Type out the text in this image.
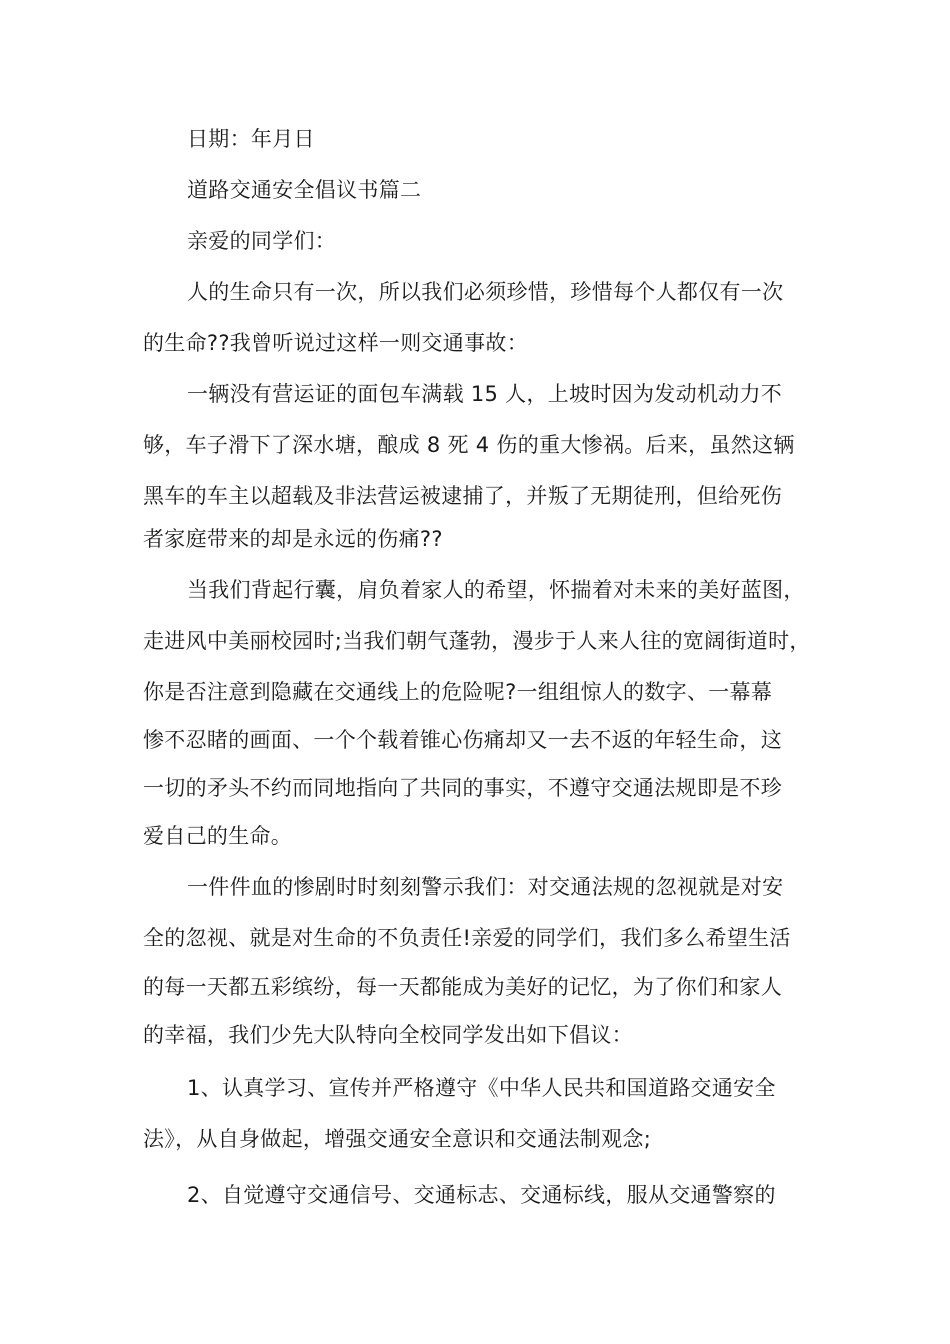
日期：年月日
道路交通安全倡议书篇二
亲爱的同学们：
人的生命只有一次，所以我们必须珍惜，珍惜每个人都仅有一次
的生命??我曾听说过这样一则交通事故：
一辆没有营运证的面包车满载 15 人，上坡时因为发动机动力不
够，车子滑下了深水塘，酿成 8 死 4 伤的重大惨祸。后来，虽然这辆
黑车的车主以超载及非法营运被逮捕了，并叛了无期徒刑，但给死伤
者家庭带来的却是永远的伤痛??
当我们背起行囊，肩负着家人的希望，怀揣着对未来的美好蓝图，
走进风中美丽校园时;当我们朝气蓬勃，漫步于人来人往的宽阔街道时，
你是否注意到隐藏在交通线上的危险呢?一组组惊人的数字、一幕幕
惨不忍睹的画面、一个个载着锥心伤痛却又一去不返的年轻生命，这
一切的矛头不约而同地指向了共同的事实，不遵守交通法规即是不珍
爱自己的生命。
一件件血的惨剧时时刻刻警示我们：对交通法规的忽视就是对安
全的忽视、就是对生命的不负责任!亲爱的同学们，我们多么希望生活
的每一天都五彩缤纷，每一天都能成为美好的记忆，为了你们和家人
的幸福，我们少先大队特向全校同学发出如下倡议：
1、认真学习、宣传并严格遵守《中华人民共和国道路交通安全
法》，从自身做起，增强交通安全意识和交通法制观念;
2、自觉遵守交通信号、交通标志、交通标线，服从交通警察的
